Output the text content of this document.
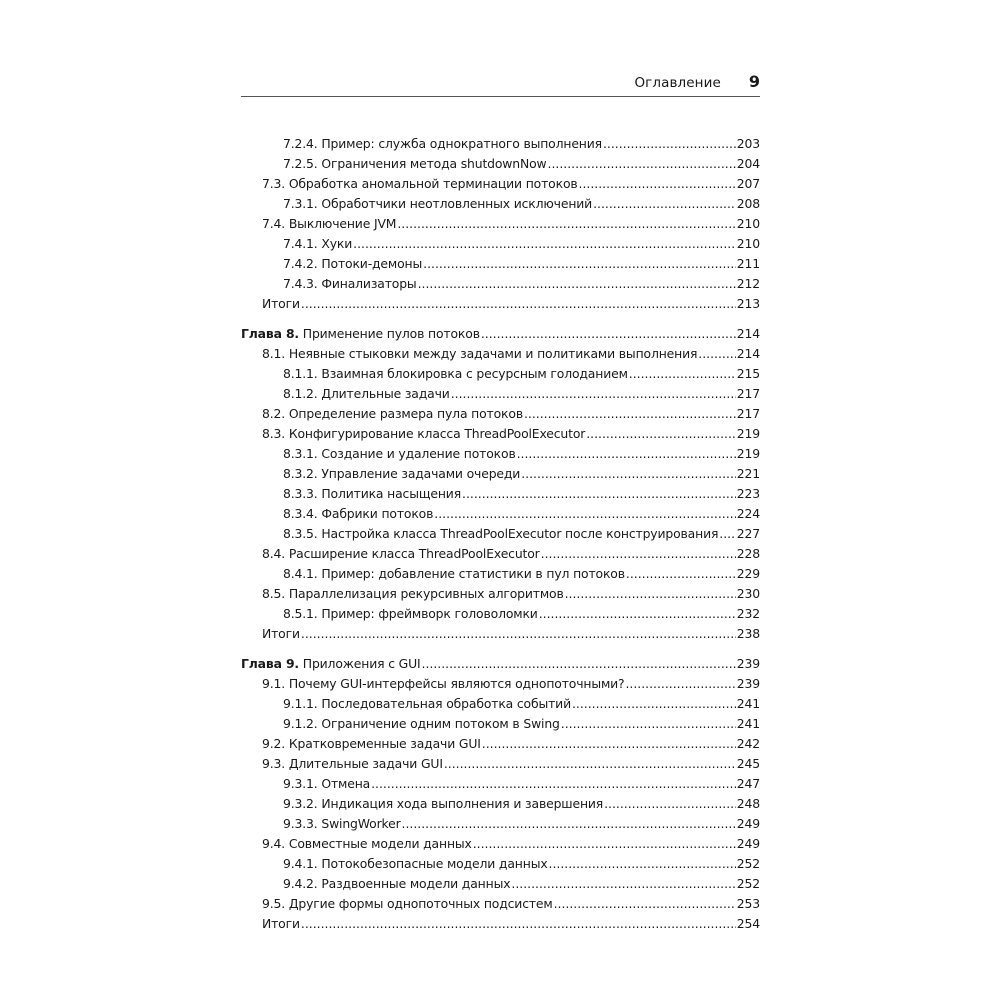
Оглавление 9
7.2.4. Пример: служба однократного выполнения .....	203
7.2.5. Ограничения метода shutdownNow .....	204
7.3. Обработка аномальной терминации потоков .....	207
7.3.1. Обработчики неотловленных исключений .....	208
7.4. Выключение JVM .....	210
7.4.1. Хуки .....	210
7.4.2. Потоки-демоны .....	211
7.4.3. Финализаторы .....	212
Итоги .....	213
Глава 8. Применение пулов потоков .....	214
8.1. Неявные стыковки между задачами и политиками выполнения .....	214
8.1.1. Взаимная блокировка с ресурсным голоданием .....	215
8.1.2. Длительные задачи .....	217
8.2. Определение размера пула потоков .....	217
8.3. Конфигурирование класса ThreadPoolExecutor .....	219
8.3.1. Создание и удаление потоков .....	219
8.3.2. Управление задачами очереди .....	221
8.3.3. Политика насыщения .....	223
8.3.4. Фабрики потоков .....	224
8.3.5. Настройка класса ThreadPoolExecutor после конструирования ..... 227
8.4. Расширение класса ThreadPoolExecutor .....	228
8.4.1. Пример: добавление статистики в пул потоков .....	229
8.5. Параллелизация рекурсивных алгоритмов .....	230
8.5.1. Пример: фреймворк головоломки .....	232
Итоги .....	238
Глава 9. Приложения с GUI .....	239
9.1. Почему GUI-интерфейсы являются однопоточными? .....	239
9.1.1. Последовательная обработка событий .....	241
9.1.2. Ограничение одним потоком в Swing .....	241
9.2. Кратковременные задачи GUI .....	242
9.3. Длительные задачи GUI .....	245
9.3.1. Отмена .....	247
9.3.2. Индикация хода выполнения и завершения .....	248
9.3.3. SwingWorker .....	249
9.4. Совместные модели данных .....	249
9.4.1. Потокобезопасные модели данных .....	252
9.4.2. Раздвоенные модели данных .....	252
9.5. Другие формы однопоточных подсистем .....	253
Итоги .....	254
